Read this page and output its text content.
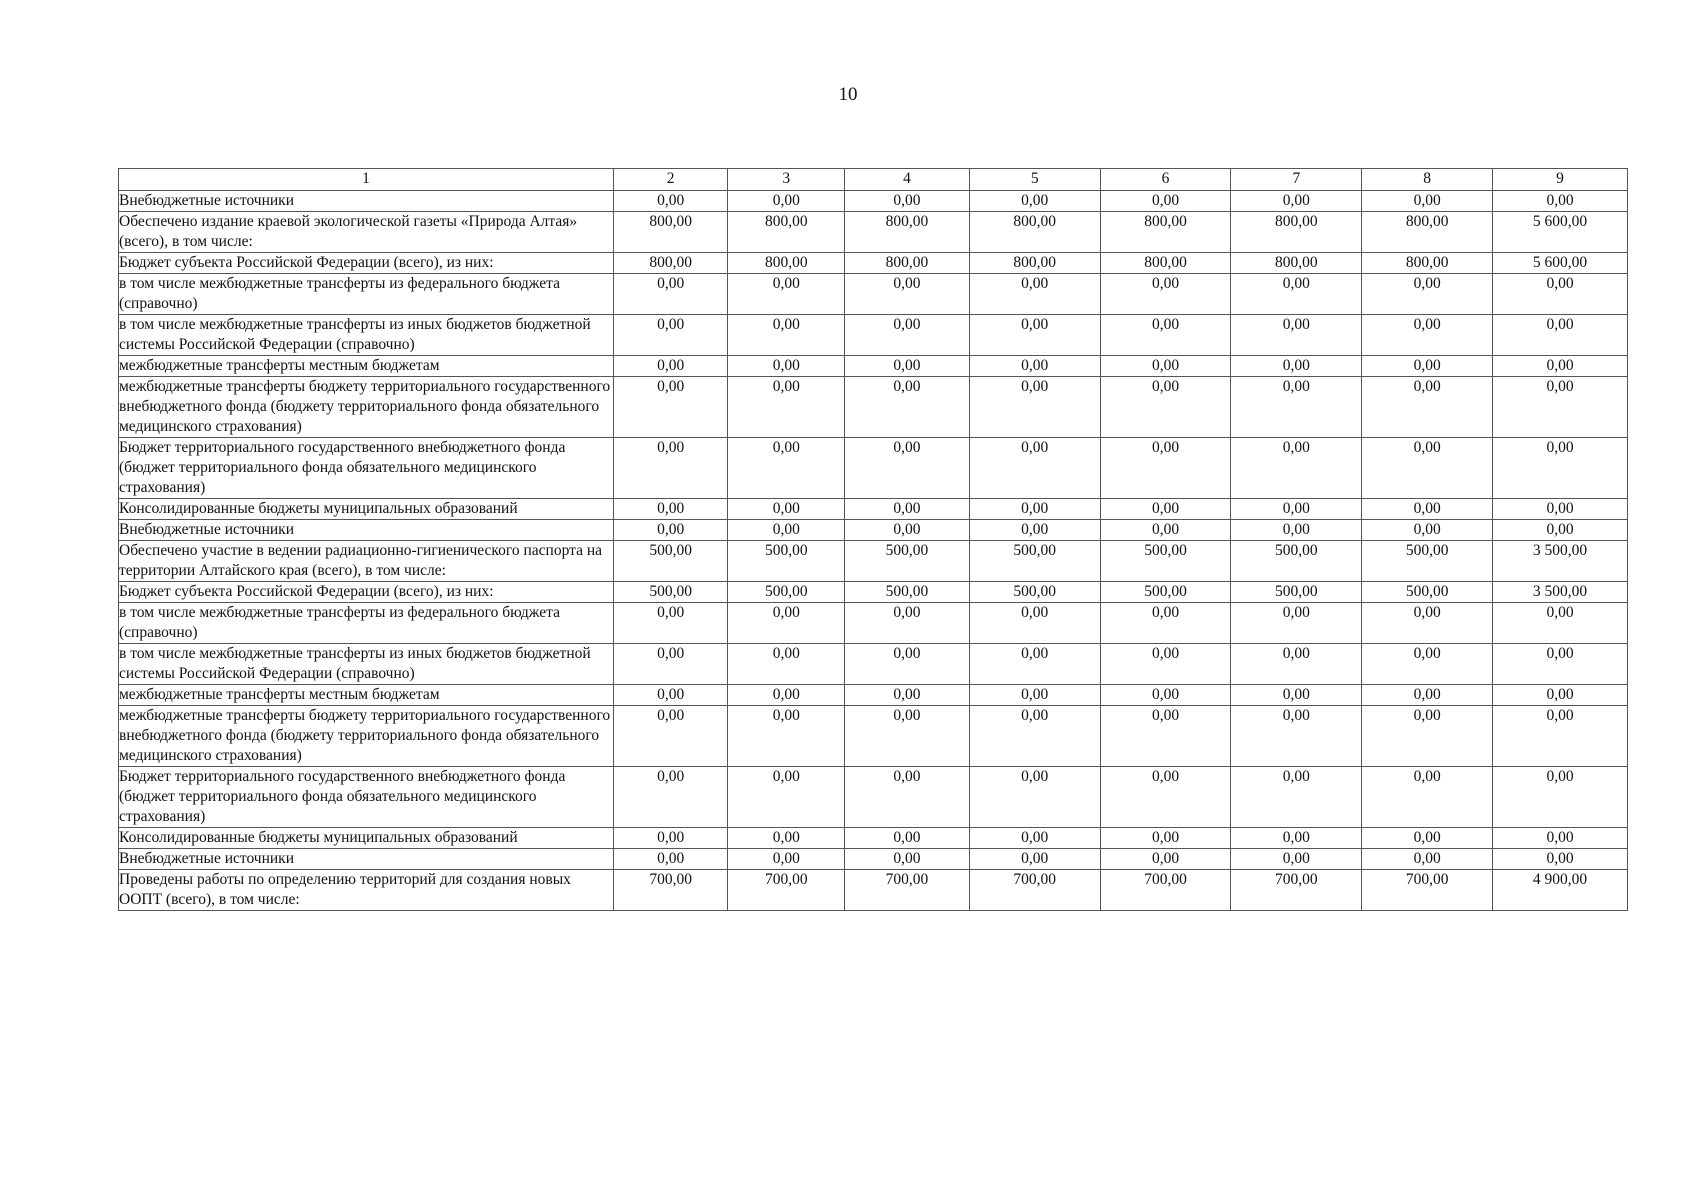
10
1	2	3	4	5	6	7	8	9
Внебюджетные источники	0,00	0,00	0,00	0,00	0,00	0,00	0,00	0,00
Обеспечено издание краевой экологической газеты «Природа Алтая» (всего), в том числе:	800,00	800,00	800,00	800,00	800,00	800,00	800,00	5 600,00
Бюджет субъекта Российской Федерации (всего), из них:	800,00	800,00	800,00	800,00	800,00	800,00	800,00	5 600,00
в том числе межбюджетные трансферты из федерального бюджета (справочно)	0,00	0,00	0,00	0,00	0,00	0,00	0,00	0,00
в том числе межбюджетные трансферты из иных бюджетов бюджетной системы Российской Федерации (справочно)	0,00	0,00	0,00	0,00	0,00	0,00	0,00	0,00
межбюджетные трансферты местным бюджетам	0,00	0,00	0,00	0,00	0,00	0,00	0,00	0,00
межбюджетные трансферты бюджету территориального государственного внебюджетного фонда (бюджету территориального фонда обязательного медицинского страхования)	0,00	0,00	0,00	0,00	0,00	0,00	0,00	0,00
Бюджет территориального государственного внебюджетного фонда (бюджет территориального фонда обязательного медицинского страхования)	0,00	0,00	0,00	0,00	0,00	0,00	0,00	0,00
Консолидированные бюджеты муниципальных образований	0,00	0,00	0,00	0,00	0,00	0,00	0,00	0,00
Внебюджетные источники	0,00	0,00	0,00	0,00	0,00	0,00	0,00	0,00
Обеспечено участие в ведении радиационно-гигиенического паспорта на территории Алтайского края (всего), в том числе:	500,00	500,00	500,00	500,00	500,00	500,00	500,00	3 500,00
Бюджет субъекта Российской Федерации (всего), из них:	500,00	500,00	500,00	500,00	500,00	500,00	500,00	3 500,00
в том числе межбюджетные трансферты из федерального бюджета (справочно)	0,00	0,00	0,00	0,00	0,00	0,00	0,00	0,00
в том числе межбюджетные трансферты из иных бюджетов бюджетной системы Российской Федерации (справочно)	0,00	0,00	0,00	0,00	0,00	0,00	0,00	0,00
межбюджетные трансферты местным бюджетам	0,00	0,00	0,00	0,00	0,00	0,00	0,00	0,00
межбюджетные трансферты бюджету территориального государственного внебюджетного фонда (бюджету территориального фонда обязательного медицинского страхования)	0,00	0,00	0,00	0,00	0,00	0,00	0,00	0,00
Бюджет территориального государственного внебюджетного фонда (бюджет территориального фонда обязательного медицинского страхования)	0,00	0,00	0,00	0,00	0,00	0,00	0,00	0,00
Консолидированные бюджеты муниципальных образований	0,00	0,00	0,00	0,00	0,00	0,00	0,00	0,00
Внебюджетные источники	0,00	0,00	0,00	0,00	0,00	0,00	0,00	0,00
Проведены работы по определению территорий для создания новых ООПТ (всего), в том числе:	700,00	700,00	700,00	700,00	700,00	700,00	700,00	4 900,00
